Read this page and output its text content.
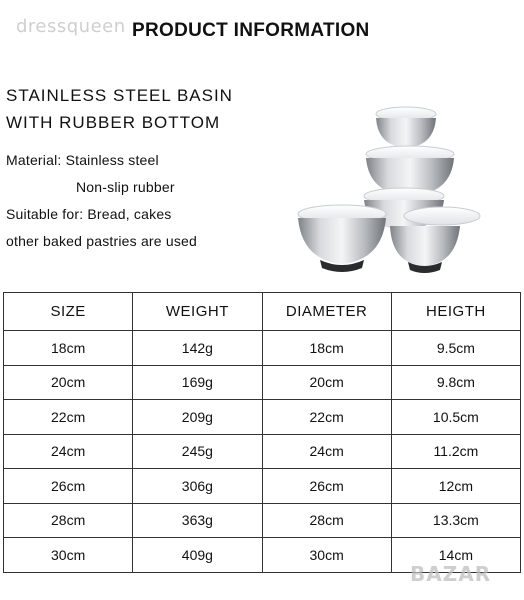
dressqueen PRODUCT INFORMATION
STAINLESS STEEL BASIN
WITH RUBBER BOTTOM
Material: Stainless steel
Non-slip rubber
Suitable for: Bread, cakes
other baked pastries are used
SIZE	WEIGHT	DIAMETER	HEIGTH
18cm	142g	18cm	9.5cm
20cm	169g	20cm	9.8cm
22cm	209g	22cm	10.5cm
24cm	245g	24cm	11.2cm
26cm	306g	26cm	12cm
28cm	363g	28cm	13.3cm
30cm	409g	30cm	14cm
BAZAR
